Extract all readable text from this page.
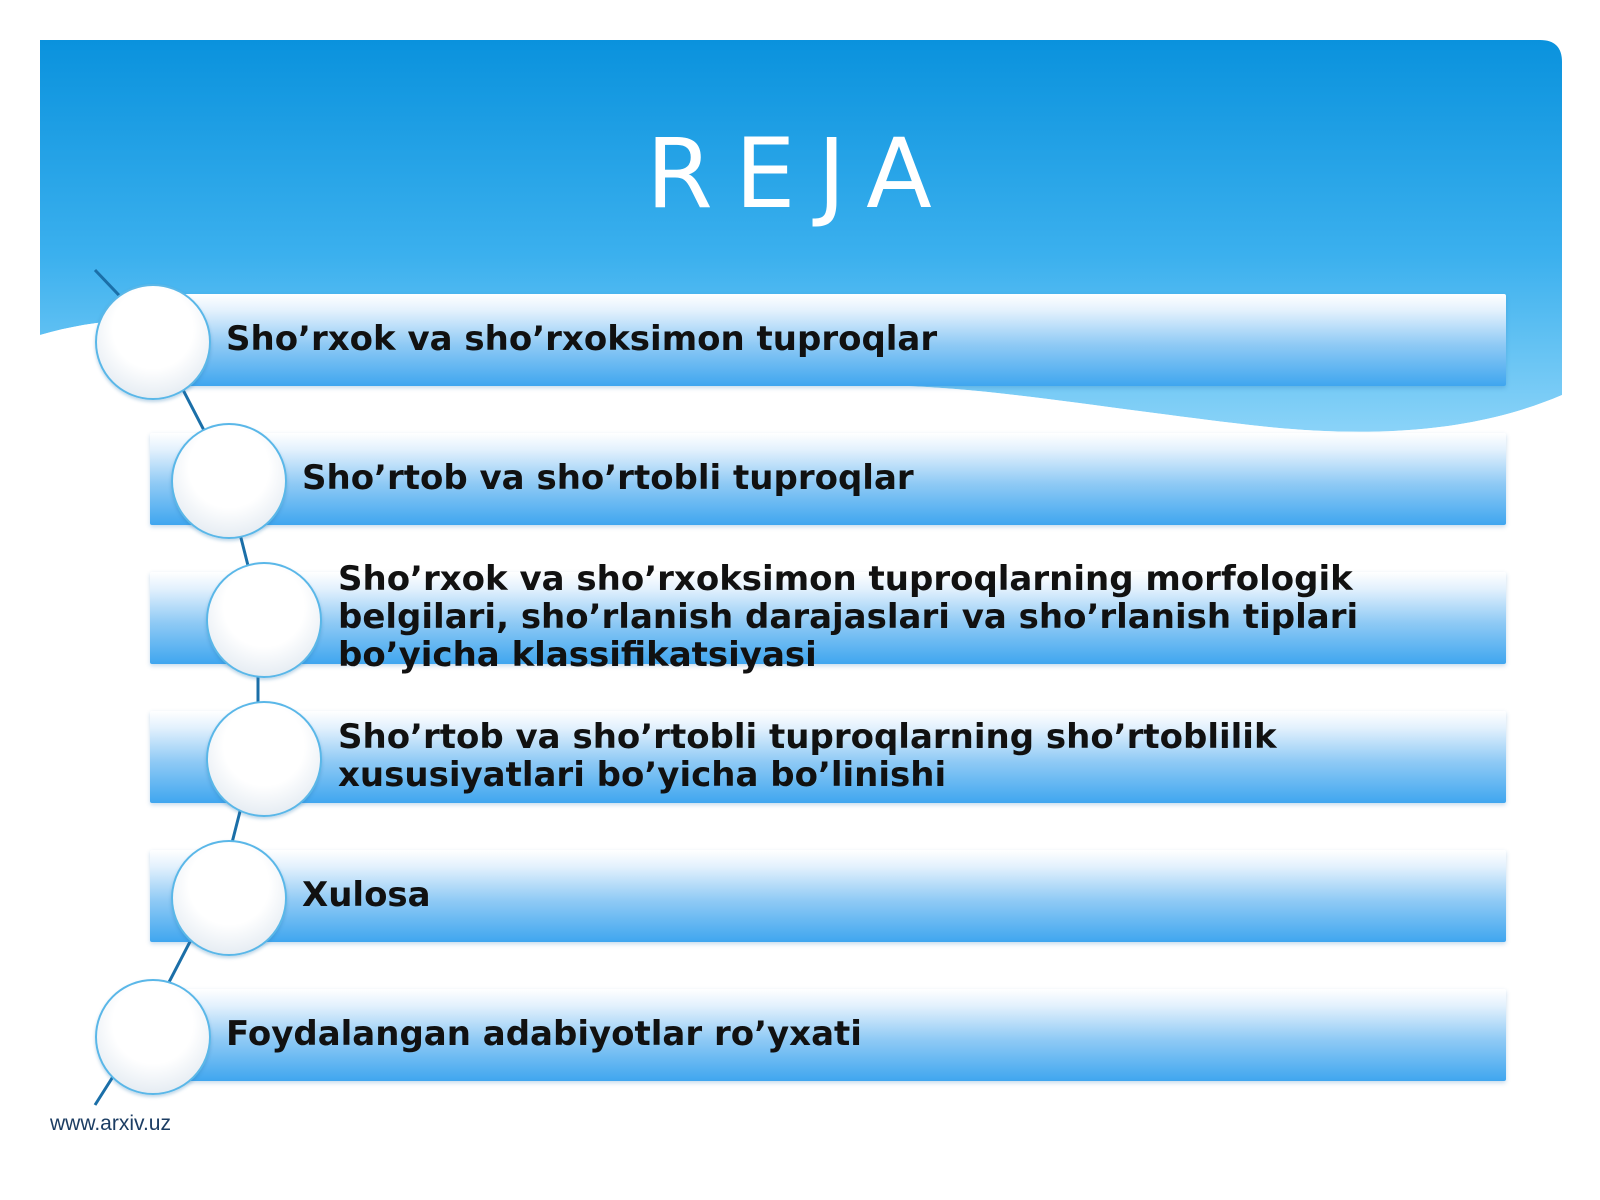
REJA
Sho’rxok va sho’rxoksimon tuproqlar
Sho’rtob va sho’rtobli tuproqlar
Sho’rxok va sho’rxoksimon tuproqlarning morfologik belgilari, sho’rlanish darajaslari va sho’rlanish tiplari bo’yicha klassifikatsiyasi
Sho’rtob va sho’rtobli tuproqlarning sho’rtoblilik xususiyatlari bo’yicha bo’linishi
Xulosa
Foydalangan adabiyotlar ro’yxati
www.arxiv.uz
